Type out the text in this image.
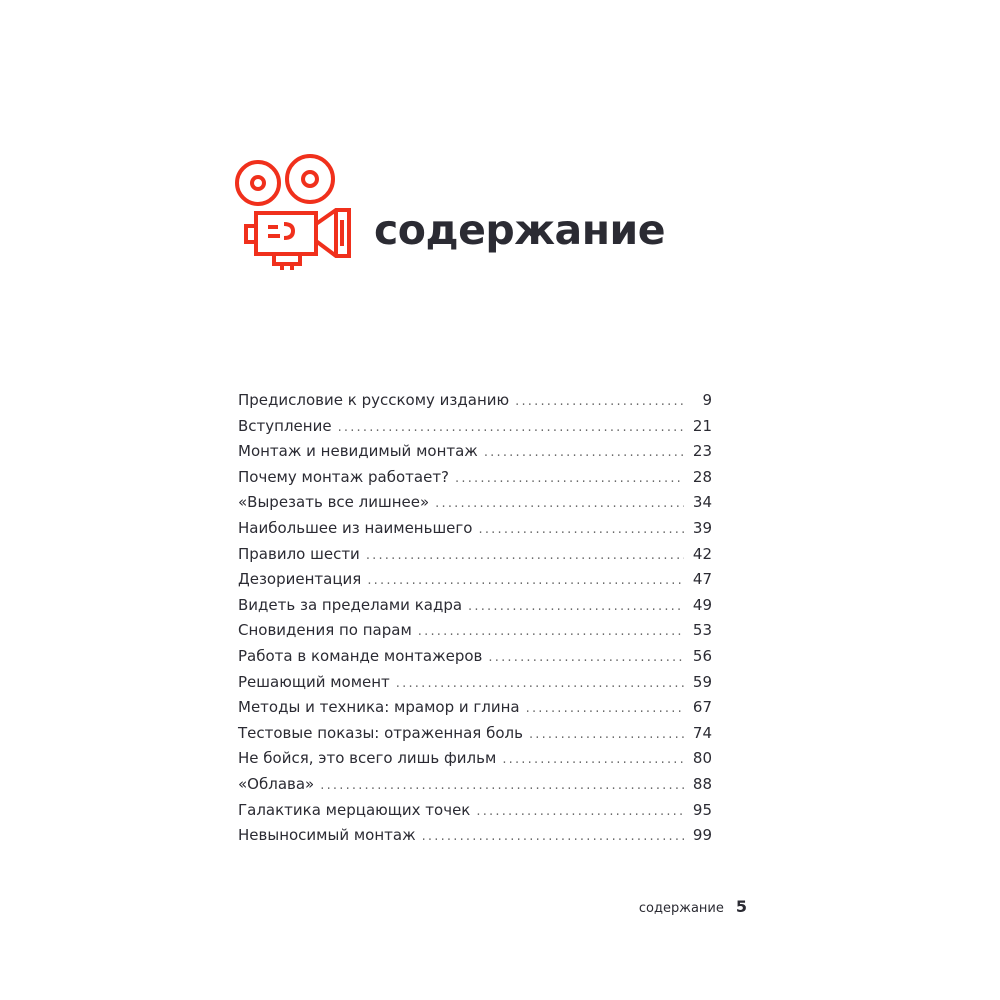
содержание
Предисловие к русскому изданию .....	9
Вступление .....	21
Монтаж и невидимый монтаж .....	23
Почему монтаж работает? .....	28
«Вырезать все лишнее» .....	34
Наибольшее из наименьшего .....	39
Правило шести .....	42
Дезориентация .....	47
Видеть за пределами кадра .....	49
Сновидения по парам .....	53
Работа в команде монтажеров .....	56
Решающий момент .....	59
Методы и техника: мрамор и глина .....	67
Тестовые показы: отраженная боль .....	74
Не бойся, это всего лишь фильм .....	80
«Облава» .....	88
Галактика мерцающих точек .....	95
Невыносимый монтаж .....	99
содержание 5
